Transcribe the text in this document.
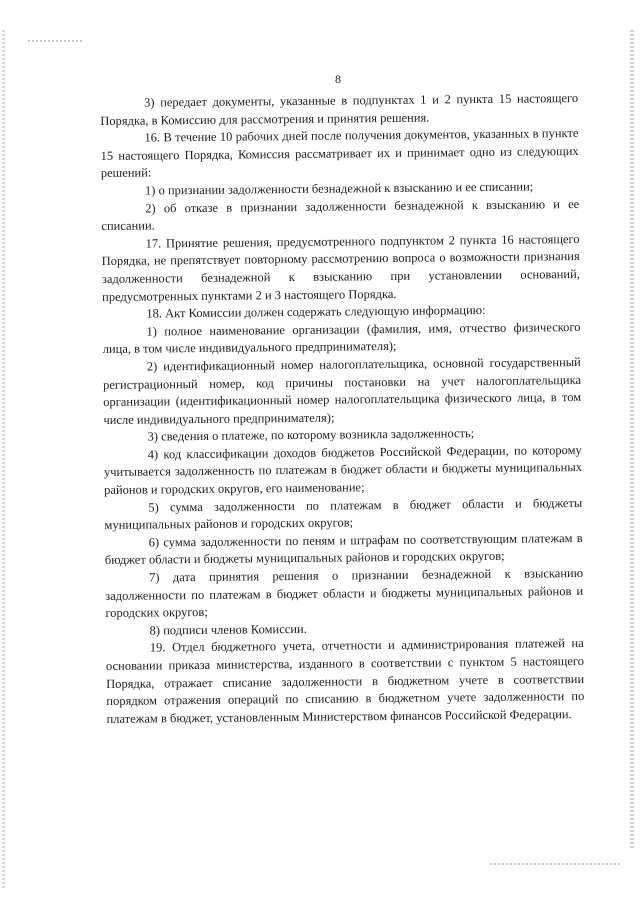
8

3) передает документы, указанные в подпунктах 1 и 2 пункта 15 настоящего Порядка, в Комиссию для рассмотрения и принятия решения.

16. В течение 10 рабочих дней после получения документов, указанных в пункте 15 настоящего Порядка, Комиссия рассматривает их и принимает одно из следующих решений:

1) о признании задолженности безнадежной к взысканию и ее списании;

2) об отказе в признании задолженности безнадежной к взысканию и ее списании.

17. Принятие решения, предусмотренного подпунктом 2 пункта 16 настоящего Порядка, не препятствует повторному рассмотрению вопроса о возможности признания задолженности безнадежной к взысканию при установлении оснований, предусмотренных пунктами 2 и 3 настоящего Порядка.

18. Акт Комиссии должен содержать следующую информацию:

1) полное наименование организации (фамилия, имя, отчество физического лица, в том числе индивидуального предпринимателя);

2) идентификационный номер налогоплательщика, основной государственный регистрационный номер, код причины постановки на учет налогоплательщика организации (идентификационный номер налогоплательщика физического лица, в том числе индивидуального предпринимателя);

3) сведения о платеже, по которому возникла задолженность;

4) код классификации доходов бюджетов Российской Федерации, по которому учитывается задолженность по платежам в бюджет области и бюджеты муниципальных районов и городских округов, его наименование;

5) сумма задолженности по платежам в бюджет области и бюджеты муниципальных районов и городских округов;

6) сумма задолженности по пеням и штрафам по соответствующим платежам в бюджет области и бюджеты муниципальных районов и городских округов;

7) дата принятия решения о признании безнадежной к взысканию задолженности по платежам в бюджет области и бюджеты муниципальных районов и городских округов;

8) подписи членов Комиссии.

19. Отдел бюджетного учета, отчетности и администрирования платежей на основании приказа министерства, изданного в соответствии с пунктом 5 настоящего Порядка, отражает списание задолженности в бюджетном учете в соответствии порядком отражения операций по списанию в бюджетном учете задолженности по платежам в бюджет, установленным Министерством финансов Российской Федерации.
